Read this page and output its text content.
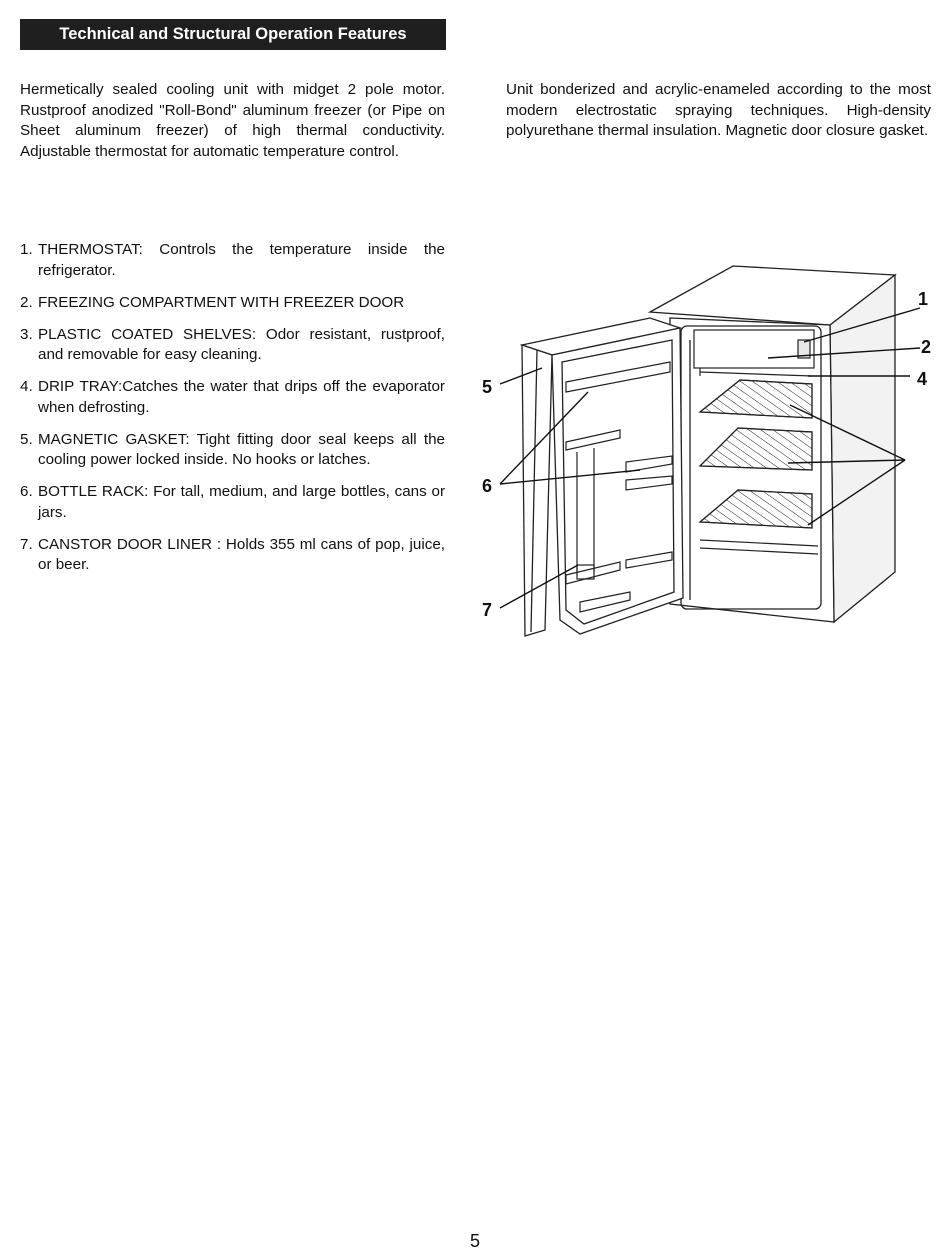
Technical and Structural Operation Features
Hermetically sealed cooling unit with midget 2 pole motor. Rustproof anodized "Roll-Bond" aluminum freezer (or Pipe on Sheet aluminum freezer) of high thermal conductivity. Adjustable thermostat for automatic temperature control.
Unit bonderized and acrylic-enameled according to the most modern electrostatic spraying techniques. High-density polyurethane thermal insulation. Magnetic door closure gasket.
1. THERMOSTAT: Controls the temperature inside the refrigerator.
2. FREEZING COMPARTMENT WITH FREEZER DOOR
3. PLASTIC COATED SHELVES: Odor resistant, rustproof, and removable for easy cleaning.
4. DRIP TRAY:Catches the water that drips off the evaporator when defrosting.
5. MAGNETIC GASKET: Tight fitting door seal keeps all the cooling power locked inside. No hooks or latches.
6. BOTTLE RACK: For tall, medium, and large bottles, cans or jars.
7. CANSTOR DOOR LINER : Holds 355 ml cans of pop, juice, or beer.
1
2
4
5
6
7
5
